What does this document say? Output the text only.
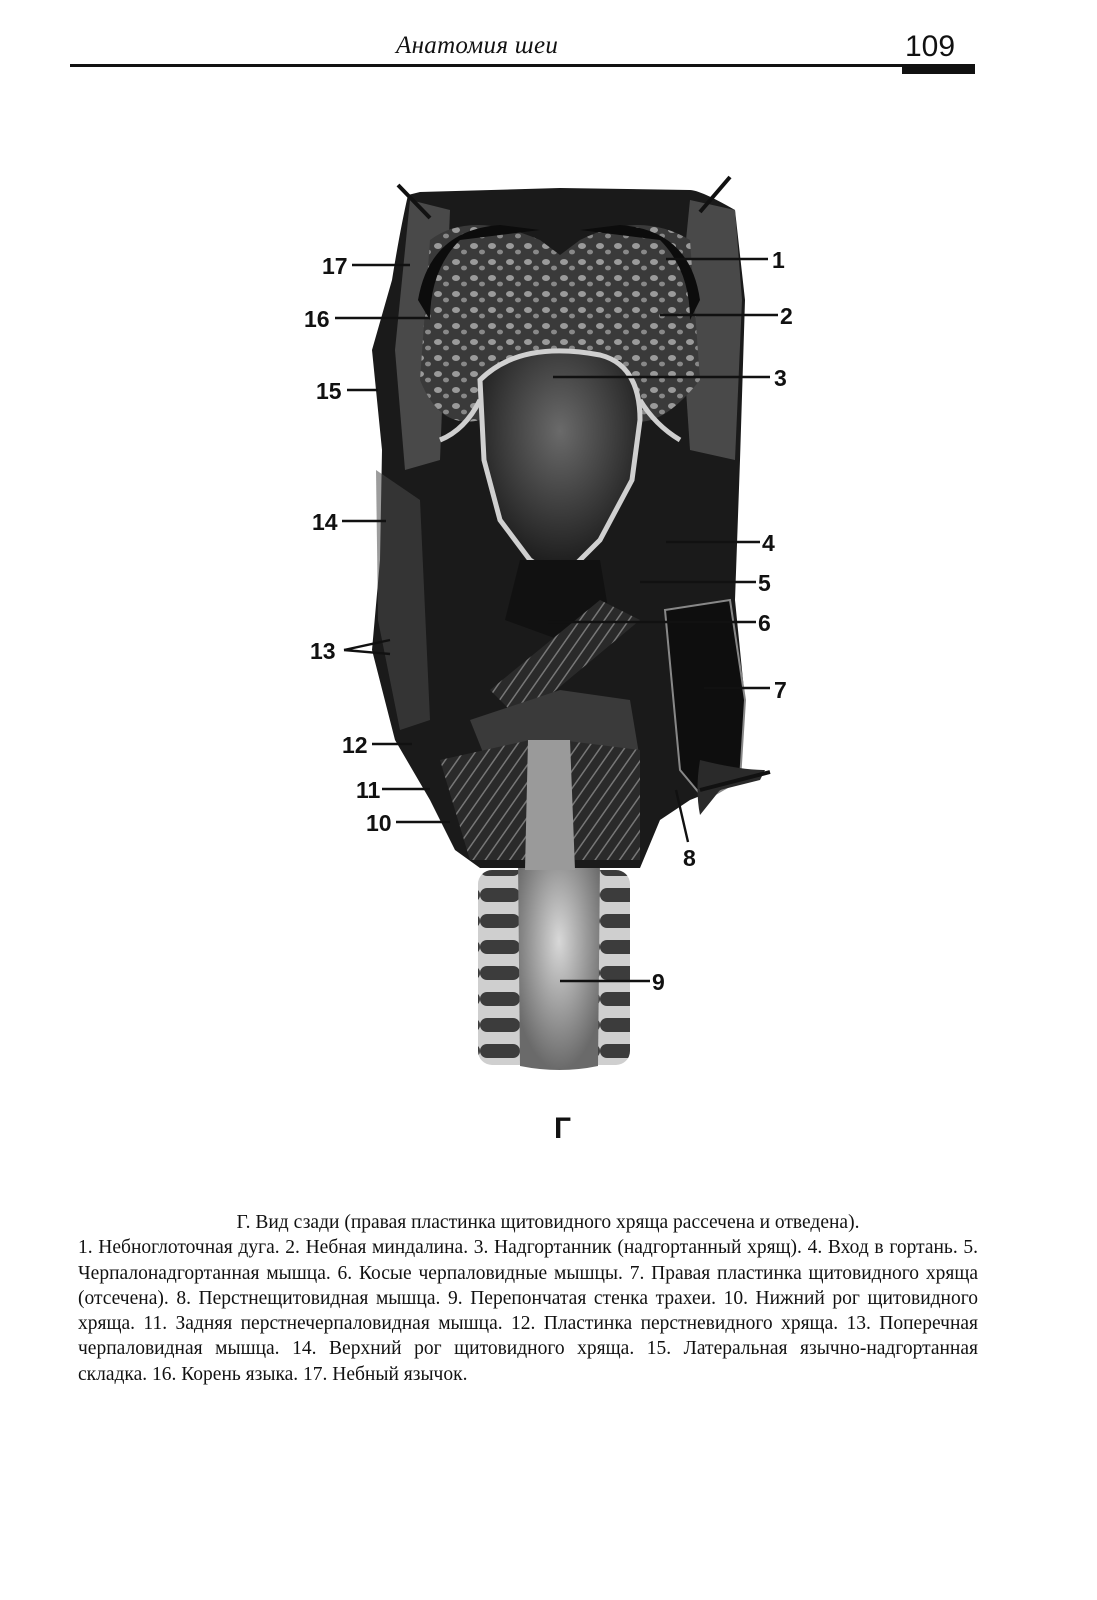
Анатомия шеи	109
1
2
3
4
5
6
7
8
9
10
11
12
13
14
15
16
17
Г

Г. Вид сзади (правая пластинка щитовидного хряща рассечена и отведена).

1. Небноглоточная дуга. 2. Небная миндалина. 3. Надгортанник (надгортанный хрящ). 4. Вход в гортань. 5. Черпалонадгортанная мышца. 6. Косые черпаловидные мышцы. 7. Правая пластинка щитовидного хряща (отсечена). 8. Перстнещитовидная мышца. 9. Перепончатая стенка трахеи. 10. Нижний рог щитовидного хряща. 11. Задняя перстнечерпаловидная мышца. 12. Пластинка перстневидного хряща. 13. Поперечная черпаловидная мышца. 14. Верхний рог щитовидного хряща. 15. Латеральная язычно-надгортанная складка. 16. Корень языка. 17. Небный язычок.
